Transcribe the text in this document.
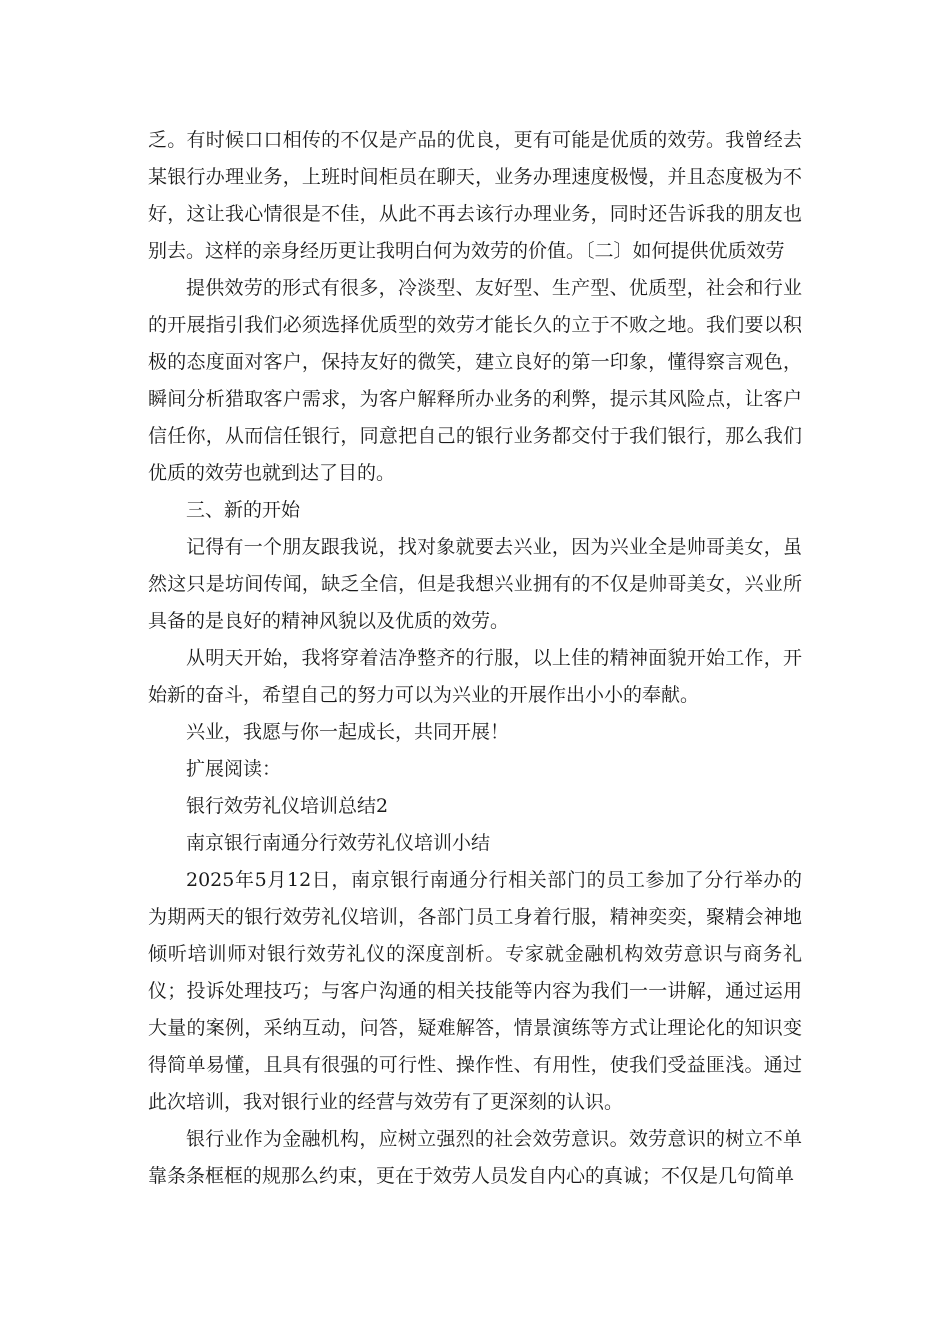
乏。有时候口口相传的不仅是产品的优良，更有可能是优质的效劳。我曾经去某银行办理业务，上班时间柜员在聊天，业务办理速度极慢，并且态度极为不好，这让我心情很是不佳，从此不再去该行办理业务，同时还告诉我的朋友也别去。这样的亲身经历更让我明白何为效劳的价值。〔二〕如何提供优质效劳

提供效劳的形式有很多，冷淡型、友好型、生产型、优质型，社会和行业的开展指引我们必须选择优质型的效劳才能长久的立于不败之地。我们要以积极的态度面对客户，保持友好的微笑，建立良好的第一印象，懂得察言观色，瞬间分析猎取客户需求，为客户解释所办业务的利弊，提示其风险点，让客户信任你，从而信任银行，同意把自己的银行业务都交付于我们银行，那么我们优质的效劳也就到达了目的。

三、新的开始

记得有一个朋友跟我说，找对象就要去兴业，因为兴业全是帅哥美女，虽然这只是坊间传闻，缺乏全信，但是我想兴业拥有的不仅是帅哥美女，兴业所具备的是良好的精神风貌以及优质的效劳。

从明天开始，我将穿着洁净整齐的行服，以上佳的精神面貌开始工作，开始新的奋斗，希望自己的努力可以为兴业的开展作出小小的奉献。

兴业，我愿与你一起成长，共同开展！

扩展阅读：

银行效劳礼仪培训总结2

南京银行南通分行效劳礼仪培训小结

2025年5月12日，南京银行南通分行相关部门的员工参加了分行举办的为期两天的银行效劳礼仪培训，各部门员工身着行服，精神奕奕，聚精会神地倾听培训师对银行效劳礼仪的深度剖析。专家就金融机构效劳意识与商务礼仪；投诉处理技巧；与客户沟通的相关技能等内容为我们一一讲解，通过运用大量的案例，采纳互动，问答，疑难解答，情景演练等方式让理论化的知识变得简单易懂，且具有很强的可行性、操作性、有用性，使我们受益匪浅。通过此次培训，我对银行业的经营与效劳有了更深刻的认识。

银行业作为金融机构，应树立强烈的社会效劳意识。效劳意识的树立不单靠条条框框的规那么约束，更在于效劳人员发自内心的真诚；不仅是几句简单
